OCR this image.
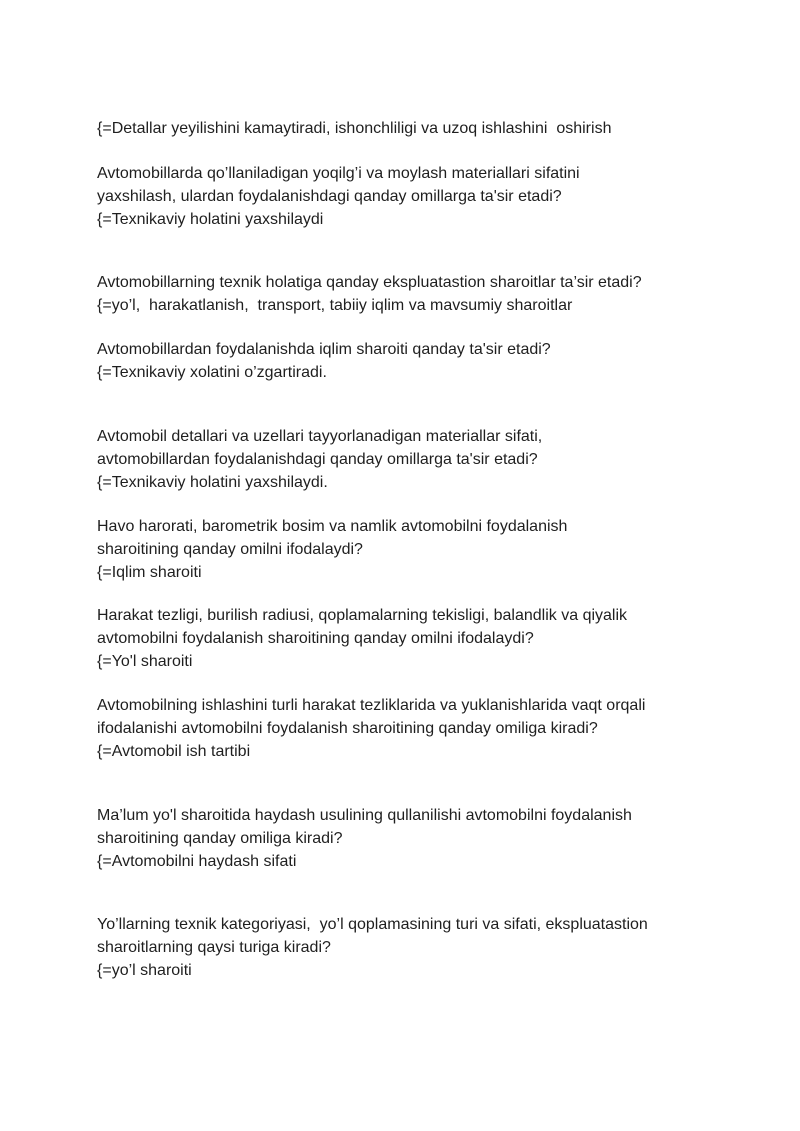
{=Detallar yeyilishini kamaytiradi, ishonchliligi va uzoq ishlashini  oshirish
Avtomobillarda qo’llaniladigan yoqilg’i va moylash materiallari sifatini
yaxshilash, ulardan foydalanishdagi qanday omillarga ta'sir etadi?
{=Texnikaviy holatini yaxshilaydi
Avtomobillarning texnik holatiga qanday ekspluatastion sharoitlar ta’sir etadi?
{=yo’l,  harakatlanish,  transport, tabiiy iqlim va mavsumiy sharoitlar
Avtomobillardan foydalanishda iqlim sharoiti qanday ta'sir etadi?
{=Texnikaviy xolatini o’zgartiradi.
Avtomobil detallari va uzellari tayyorlanadigan materiallar sifati,
avtomobillardan foydalanishdagi qanday omillarga ta'sir etadi?
{=Texnikaviy holatini yaxshilaydi.
Havo harorati, barometrik bosim va namlik avtomobilni foydalanish
sharoitining qanday omilni ifodalaydi?
{=Iqlim sharoiti
Harakat tezligi, burilish radiusi, qoplamalarning tekisligi, balandlik va qiyalik
avtomobilni foydalanish sharoitining qanday omilni ifodalaydi?
{=Yo'l sharoiti
Avtomobilning ishlashini turli harakat tezliklarida va yuklanishlarida vaqt orqali
ifodalanishi avtomobilni foydalanish sharoitining qanday omiliga kiradi?
{=Avtomobil ish tartibi
Ma’lum yo'l sharoitida haydash usulining qullanilishi avtomobilni foydalanish
sharoitining qanday omiliga kiradi?
{=Avtomobilni haydash sifati
Yo’llarning texnik kategoriyasi,  yo’l qoplamasining turi va sifati, ekspluatastion
sharoitlarning qaysi turiga kiradi?
{=yo’l sharoiti
